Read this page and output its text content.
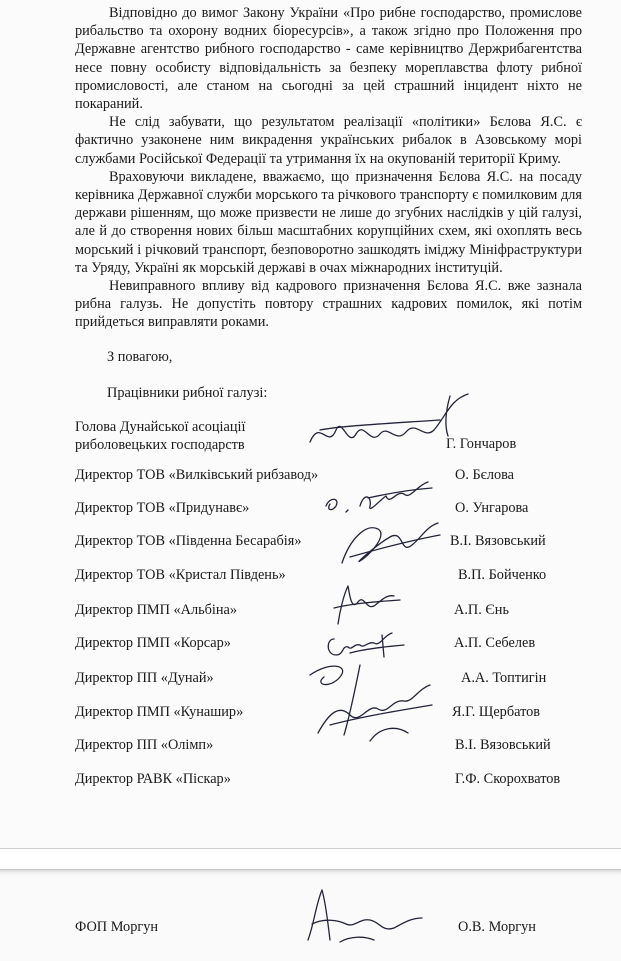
Відповідно до вимог Закону України «Про рибне господарство, промислове рибальство та охорону водних біоресурсів», а також згідно про Положення про Державне агентство рибного господарство - саме керівництво Держрибагентства несе повну особисту відповідальність за безпеку мореплавства флоту рибної промисловості, але станом на сьогодні за цей страшний інцидент ніхто не покараний.

Не слід забувати, що результатом реалізації «політики» Бєлова Я.С. є фактично узаконене ним викрадення українських рибалок в Азовському морі службами Російської Федерації та утримання їх на окупованій території Криму.

Враховуючи викладене, вважаємо, що призначення Бєлова Я.С. на посаду керівника Державної служби морського та річкового транспорту є помилковим для держави рішенням, що може призвести не лише до згубних наслідків у цій галузі, але й до створення нових більш масштабних корупційних схем, які охоплять весь морський і річковий транспорт, безповоротно зашкодять іміджу Мініфраструктури та Уряду, Україні як морській державі в очах міжнародних інституцій.

Невиправного впливу від кадрового призначення Бєлова Я.С. вже зазнала рибна галузь. Не допустіть повтору страшних кадрових помилок, які потім прийдеться виправляти роками.

З повагою,
Працівники рибної галузі:
Голова Дунайської асоціації
риболовецьких господарств	Г. Гончаров
Директор ТОВ «Вилківський рибзавод»	О. Бєлова
Директор ТОВ «Придунавє»	О. Унгарова
Директор ТОВ «Південна Бесарабія»	В.І. Вязовський
Директор ТОВ «Кристал Південь»	В.П. Бойченко
Директор ПМП «Альбіна»	А.П. Єнь
Директор ПМП «Корсар»	А.П. Себелев
Директор ПП «Дунай»	А.А. Топтигін
Директор ПМП «Кунашир»	Я.Г. Щербатов
Директор ПП «Олімп»	В.І. Вязовський
Директор РАВК «Піскар»	Г.Ф. Скорохватов
ФОП Моргун	О.В. Моргун
